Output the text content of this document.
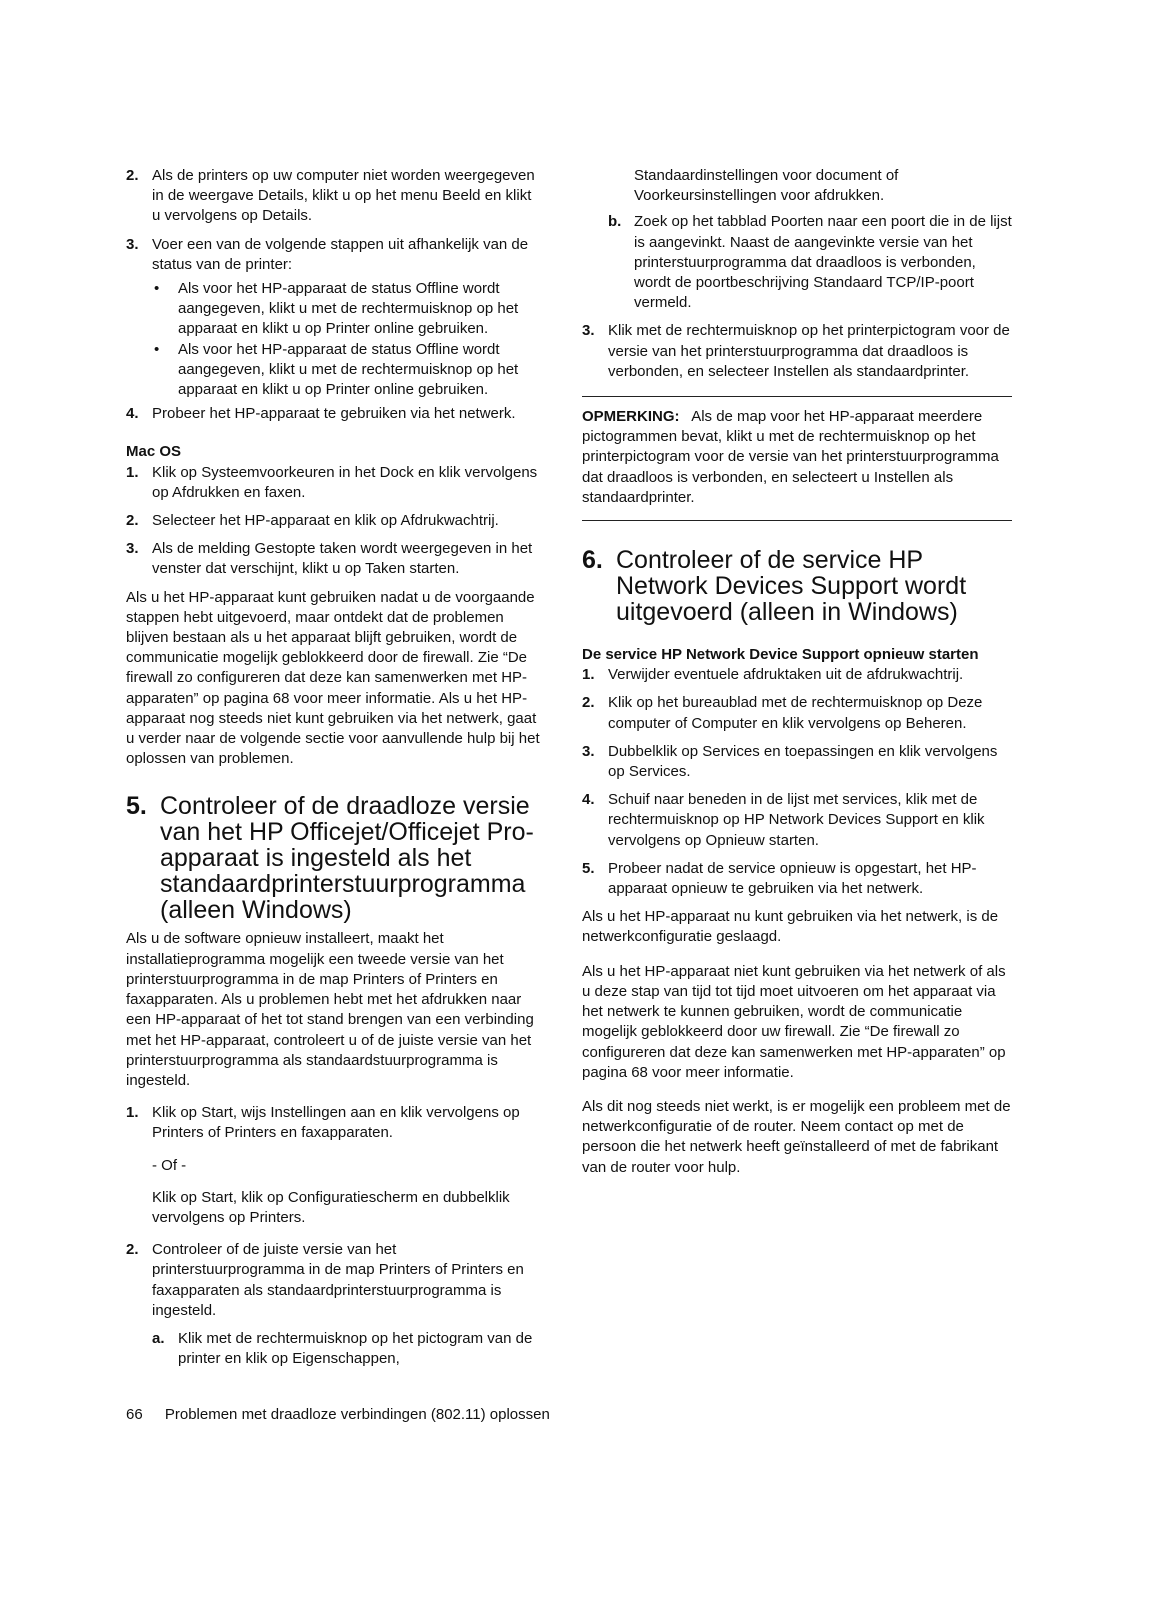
2. Als de printers op uw computer niet worden weergegeven in de weergave Details, klikt u op het menu Beeld en klikt u vervolgens op Details.

3. Voer een van de volgende stappen uit afhankelijk van de status van de printer:

• Als voor het HP-apparaat de status Offline wordt aangegeven, klikt u met de rechtermuisknop op het apparaat en klikt u op Printer online gebruiken.

• Als voor het HP-apparaat de status Offline wordt aangegeven, klikt u met de rechtermuisknop op het apparaat en klikt u op Printer online gebruiken.

4. Probeer het HP-apparaat te gebruiken via het netwerk.

Mac OS

1. Klik op Systeemvoorkeuren in het Dock en klik vervolgens op Afdrukken en faxen.

2. Selecteer het HP-apparaat en klik op Afdrukwachtrij.

3. Als de melding Gestopte taken wordt weergegeven in het venster dat verschijnt, klikt u op Taken starten.

Als u het HP-apparaat kunt gebruiken nadat u de voorgaande stappen hebt uitgevoerd, maar ontdekt dat de problemen blijven bestaan als u het apparaat blijft gebruiken, wordt de communicatie mogelijk geblokkeerd door de firewall. Zie “De firewall zo configureren dat deze kan samenwerken met HP-apparaten” op pagina 68 voor meer informatie. Als u het HP-apparaat nog steeds niet kunt gebruiken via het netwerk, gaat u verder naar de volgende sectie voor aanvullende hulp bij het oplossen van problemen.

5. Controleer of de draadloze versie van het HP Officejet/Officejet Pro-apparaat is ingesteld als het standaardprinterstuurprogramma (alleen Windows)

Als u de software opnieuw installeert, maakt het installatieprogramma mogelijk een tweede versie van het printerstuurprogramma in de map Printers of Printers en faxapparaten. Als u problemen hebt met het afdrukken naar een HP-apparaat of het tot stand brengen van een verbinding met het HP-apparaat, controleert u of de juiste versie van het printerstuurprogramma als standaardstuurprogramma is ingesteld.

1. Klik op Start, wijs Instellingen aan en klik vervolgens op Printers of Printers en faxapparaten.

- Of -

Klik op Start, klik op Configuratiescherm en dubbelklik vervolgens op Printers.

2. Controleer of de juiste versie van het printerstuurprogramma in de map Printers of Printers en faxapparaten als standaardprinterstuurprogramma is ingesteld.

a. Klik met de rechtermuisknop op het pictogram van de printer en klik op Eigenschappen,

Standaardinstellingen voor document of Voorkeursinstellingen voor afdrukken.

b. Zoek op het tabblad Poorten naar een poort die in de lijst is aangevinkt. Naast de aangevinkte versie van het printerstuurprogramma dat draadloos is verbonden, wordt de poortbeschrijving Standaard TCP/IP-poort vermeld.

3. Klik met de rechtermuisknop op het printerpictogram voor de versie van het printerstuurprogramma dat draadloos is verbonden, en selecteer Instellen als standaardprinter.

OPMERKING: Als de map voor het HP-apparaat meerdere pictogrammen bevat, klikt u met de rechtermuisknop op het printerpictogram voor de versie van het printerstuurprogramma dat draadloos is verbonden, en selecteert u Instellen als standaardprinter.

6. Controleer of de service HP Network Devices Support wordt uitgevoerd (alleen in Windows)

De service HP Network Device Support opnieuw starten

1. Verwijder eventuele afdruktaken uit de afdrukwachtrij.

2. Klik op het bureaublad met de rechtermuisknop op Deze computer of Computer en klik vervolgens op Beheren.

3. Dubbelklik op Services en toepassingen en klik vervolgens op Services.

4. Schuif naar beneden in de lijst met services, klik met de rechtermuisknop op HP Network Devices Support en klik vervolgens op Opnieuw starten.

5. Probeer nadat de service opnieuw is opgestart, het HP-apparaat opnieuw te gebruiken via het netwerk.

Als u het HP-apparaat nu kunt gebruiken via het netwerk, is de netwerkconfiguratie geslaagd.

Als u het HP-apparaat niet kunt gebruiken via het netwerk of als u deze stap van tijd tot tijd moet uitvoeren om het apparaat via het netwerk te kunnen gebruiken, wordt de communicatie mogelijk geblokkeerd door uw firewall. Zie “De firewall zo configureren dat deze kan samenwerken met HP-apparaten” op pagina 68 voor meer informatie.

Als dit nog steeds niet werkt, is er mogelijk een probleem met de netwerkconfiguratie of de router. Neem contact op met de persoon die het netwerk heeft geïnstalleerd of met de fabrikant van de router voor hulp.

66 Problemen met draadloze verbindingen (802.11) oplossen
